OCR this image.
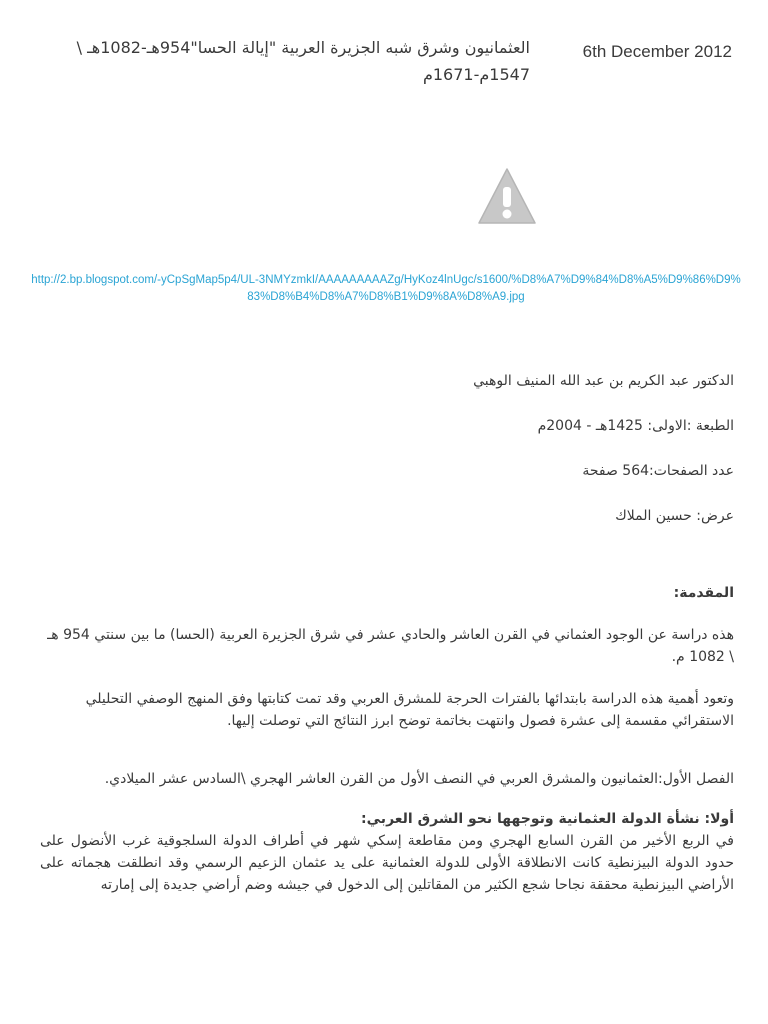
العثمانيون وشرق شبه الجزيرة العربية "إيالة الحسا"954هـ-1082هـ \ 1547م-1671م
6th December 2012
http://2.bp.blogspot.com/-yCpSgMap5p4/UL-3NMYzmkI/AAAAAAAAAZg/HyKoz4lnUgc/s1600/%D8%A7%D9%84%D8%A5%D9%86%D9%83%D8%B4%D8%A7%D8%B1%D9%8A%D8%A9.jpg

الدكتور عبد الكريم بن عبد الله المنيف الوهبي

الطبعة :الاولى: 1425هـ - 2004م

عدد الصفحات:564 صفحة

عرض: حسين الملاك

المقدمة:

هذه دراسة عن الوجود العثماني في القرن العاشر والحادي عشر في شرق الجزيرة العربية (الحسا) ما بين سنتي 954 هـ \ 1082 م.

وتعود أهمية هذه الدراسة بابتدائها بالفترات الحرجة للمشرق العربي وقد تمت كتابتها وفق المنهج الوصفي التحليلي الاستقرائي مقسمة إلى عشرة فصول وانتهت بخاتمة توضح ابرز النتائج التي توصلت إليها.

الفصل الأول:العثمانيون والمشرق العربي في النصف الأول من القرن العاشر الهجري \السادس عشر الميلادي.

أولا: نشأة الدولة العثمانية وتوجهها نحو الشرق العربي:

في الربع الأخير من القرن السابع الهجري ومن مقاطعة إسكي شهر في أطراف الدولة السلجوقية غرب الأنضول على حدود الدولة البيزنطية كانت الانطلاقة الأولى للدولة العثمانية على يد عثمان الزعيم الرسمي وقد انطلقت هجماته على الأراضي البيزنطية محققة نجاحا شجع الكثير من المقاتلين إلى الدخول في جيشه وضم أراضي جديدة إلى إمارته
